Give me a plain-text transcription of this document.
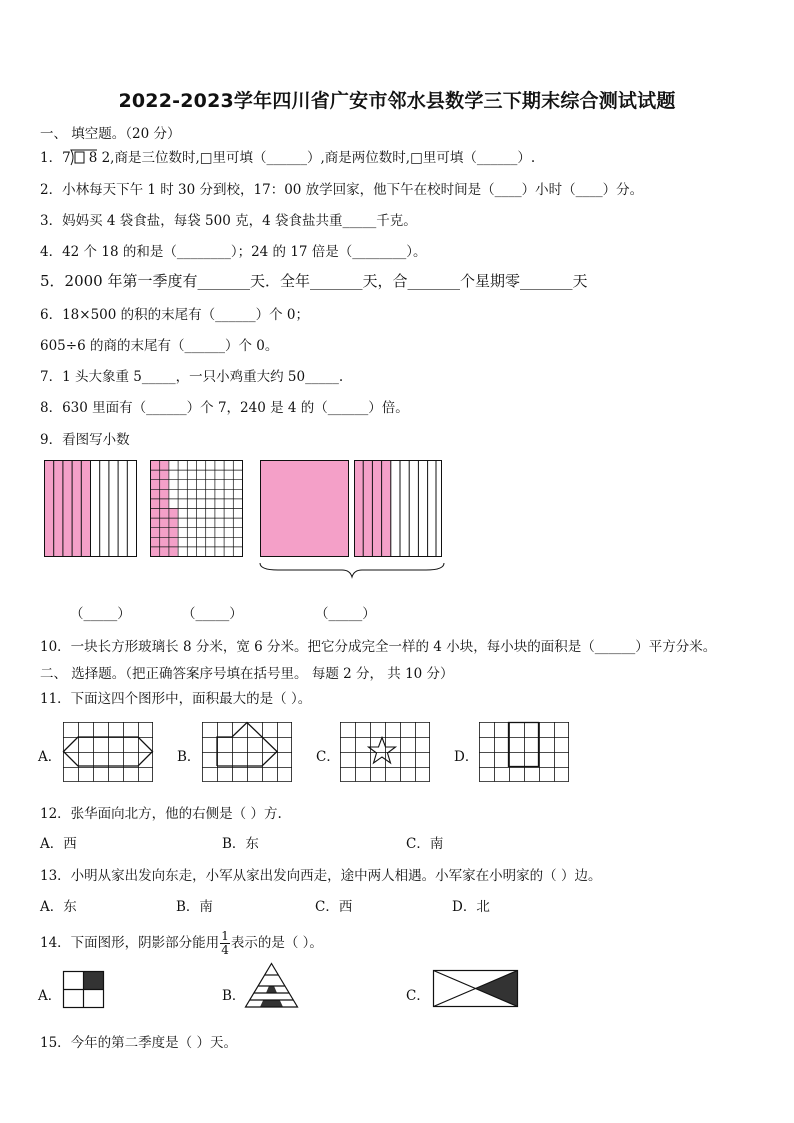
2022-2023学年四川省广安市邻水县数学三下期末综合测试试题
一、 填空题。（20 分）
1．7 8 2,商是三位数时,□里可填（______）,商是两位数时,□里可填（______）.
2．小林每天下午 1 时 30 分到校，17：00 放学回家，他下午在校时间是（____）小时（____）分。
3．妈妈买 4 袋食盐，每袋 500 克，4 袋食盐共重_____千克。
4．42 个 18 的和是（________）；24 的 17 倍是（________）。
5．2000 年第一季度有_______天．全年_______天，合_______个星期零_______天
6．18×500 的积的末尾有（______）个 0；
605÷6 的商的末尾有（______）个 0。
7．1 头大象重 5_____，一只小鸡重大约 50_____.
8．630 里面有（______）个 7，240 是 4 的（______）倍。
9．看图写小数
（_____）	（_____）	（_____）
10．一块长方形玻璃长 8 分米，宽 6 分米。把它分成完全一样的 4 小块，每小块的面积是（______）平方分米。
二、 选择题。（把正确答案序号填在括号里。 每题 2 分， 共 10 分）
11．下面这四个图形中，面积最大的是（ ）。
A．	B．	C．	D．
12．张华面向北方，他的右侧是（ ）方.
A．西	B．东	C．南
13．小明从家出发向东走，小军从家出发向西走，途中两人相遇。小军家在小明家的（ ）边。
A．东	B．南	C．西	D．北
14．下面图形，阴影部分能用 $\frac{1}{4}$ 表示的是（ ）。
A．	B．	C．
15．今年的第二季度是（ ）天。
